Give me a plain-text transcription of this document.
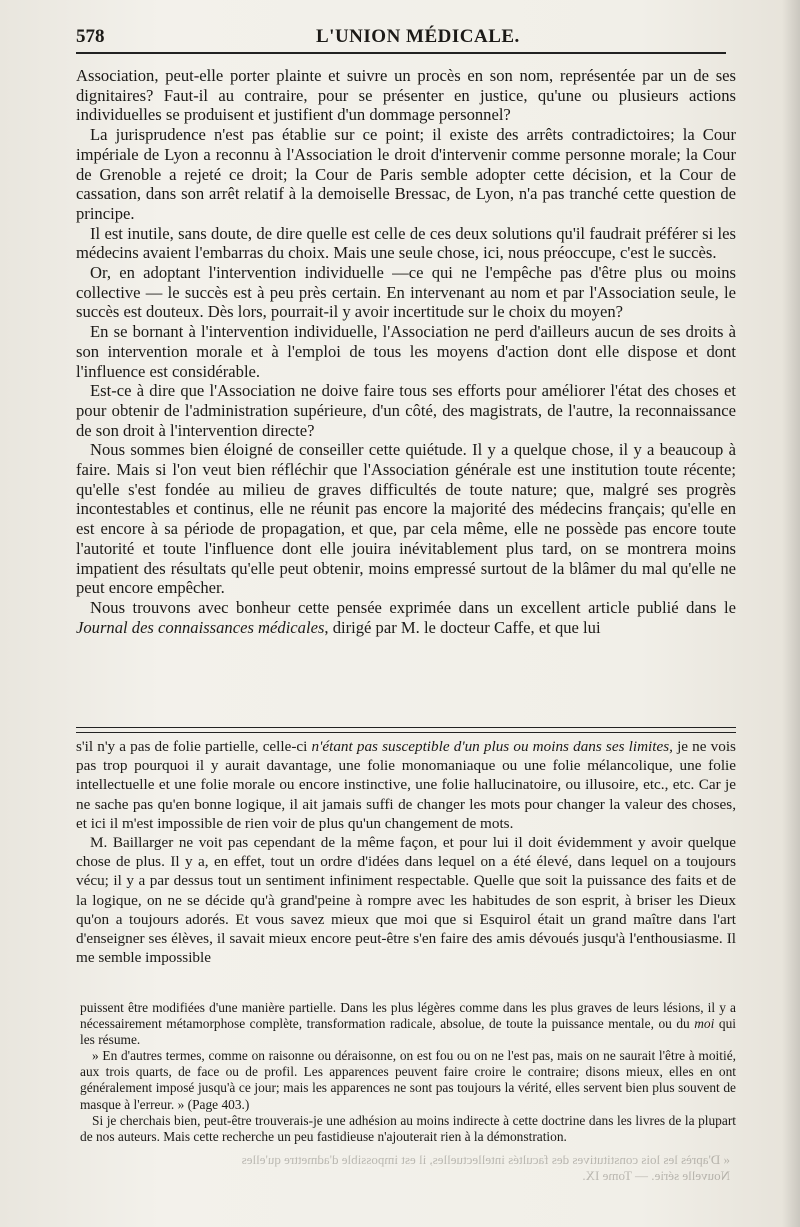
578	L'UNION MÉDICALE.

Association, peut-elle porter plainte et suivre un procès en son nom, représentée par un de ses dignitaires? Faut-il au contraire, pour se présenter en justice, qu'une ou plusieurs actions individuelles se produisent et justifient d'un dommage personnel?

La jurisprudence n'est pas établie sur ce point; il existe des arrêts contradictoires; la Cour impériale de Lyon a reconnu à l'Association le droit d'intervenir comme personne morale; la Cour de Grenoble a rejeté ce droit; la Cour de Paris semble adopter cette décision, et la Cour de cassation, dans son arrêt relatif à la demoiselle Bressac, de Lyon, n'a pas tranché cette question de principe.

Il est inutile, sans doute, de dire quelle est celle de ces deux solutions qu'il faudrait préférer si les médecins avaient l'embarras du choix. Mais une seule chose, ici, nous préoccupe, c'est le succès.

Or, en adoptant l'intervention individuelle —ce qui ne l'empêche pas d'être plus ou moins collective — le succès est à peu près certain. En intervenant au nom et par l'Association seule, le succès est douteux. Dès lors, pourrait-il y avoir incertitude sur le choix du moyen?

En se bornant à l'intervention individuelle, l'Association ne perd d'ailleurs aucun de ses droits à son intervention morale et à l'emploi de tous les moyens d'action dont elle dispose et dont l'influence est considérable.

Est-ce à dire que l'Association ne doive faire tous ses efforts pour améliorer l'état des choses et pour obtenir de l'administration supérieure, d'un côté, des magistrats, de l'autre, la reconnaissance de son droit à l'intervention directe?

Nous sommes bien éloigné de conseiller cette quiétude. Il y a quelque chose, il y a beaucoup à faire. Mais si l'on veut bien réfléchir que l'Association générale est une institution toute récente; qu'elle s'est fondée au milieu de graves difficultés de toute nature; que, malgré ses progrès incontestables et continus, elle ne réunit pas encore la majorité des médecins français; qu'elle en est encore à sa période de propagation, et que, par cela même, elle ne possède pas encore toute l'autorité et toute l'influence dont elle jouira inévitablement plus tard, on se montrera moins impatient des résultats qu'elle peut obtenir, moins empressé surtout de la blâmer du mal qu'elle ne peut encore empêcher.

Nous trouvons avec bonheur cette pensée exprimée dans un excellent article publié dans le Journal des connaissances médicales, dirigé par M. le docteur Caffe, et que lui

s'il n'y a pas de folie partielle, celle-ci n'étant pas susceptible d'un plus ou moins dans ses limites, je ne vois pas trop pourquoi il y aurait davantage, une folie monomaniaque ou une folie mélancolique, une folie intellectuelle et une folie morale ou encore instinctive, une folie hallucinatoire, ou illusoire, etc., etc. Car je ne sache pas qu'en bonne logique, il ait jamais suffi de changer les mots pour changer la valeur des choses, et ici il m'est impossible de rien voir de plus qu'un changement de mots.

M. Baillarger ne voit pas cependant de la même façon, et pour lui il doit évidemment y avoir quelque chose de plus. Il y a, en effet, tout un ordre d'idées dans lequel on a été élevé, dans lequel on a toujours vécu; il y a par dessus tout un sentiment infiniment respectable. Quelle que soit la puissance des faits et de la logique, on ne se décide qu'à grand'peine à rompre avec les habitudes de son esprit, à briser les Dieux qu'on a toujours adorés. Et vous savez mieux que moi que si Esquirol était un grand maître dans l'art d'enseigner ses élèves, il savait mieux encore peut-être s'en faire des amis dévoués jusqu'à l'enthousiasme. Il me semble impossible

puissent être modifiées d'une manière partielle. Dans les plus légères comme dans les plus graves de leurs lésions, il y a nécessairement métamorphose complète, transformation radicale, absolue, de toute la puissance mentale, ou du moi qui les résume.

» En d'autres termes, comme on raisonne ou déraisonne, on est fou ou on ne l'est pas, mais on ne saurait l'être à moitié, aux trois quarts, de face ou de profil. Les apparences peuvent faire croire le contraire; disons mieux, elles en ont généralement imposé jusqu'à ce jour; mais les apparences ne sont pas toujours la vérité, elles servent bien plus souvent de masque à l'erreur. » (Page 403.)

Si je cherchais bien, peut-être trouverais-je une adhésion au moins indirecte à cette doctrine dans les livres de la plupart de nos auteurs. Mais cette recherche un peu fastidieuse n'ajouterait rien à la démonstration.

« D'après les lois constitutives des facultés intellectuelles, il est impossible d'admettre qu'elles
Nouvelle série. — Tome IX.
